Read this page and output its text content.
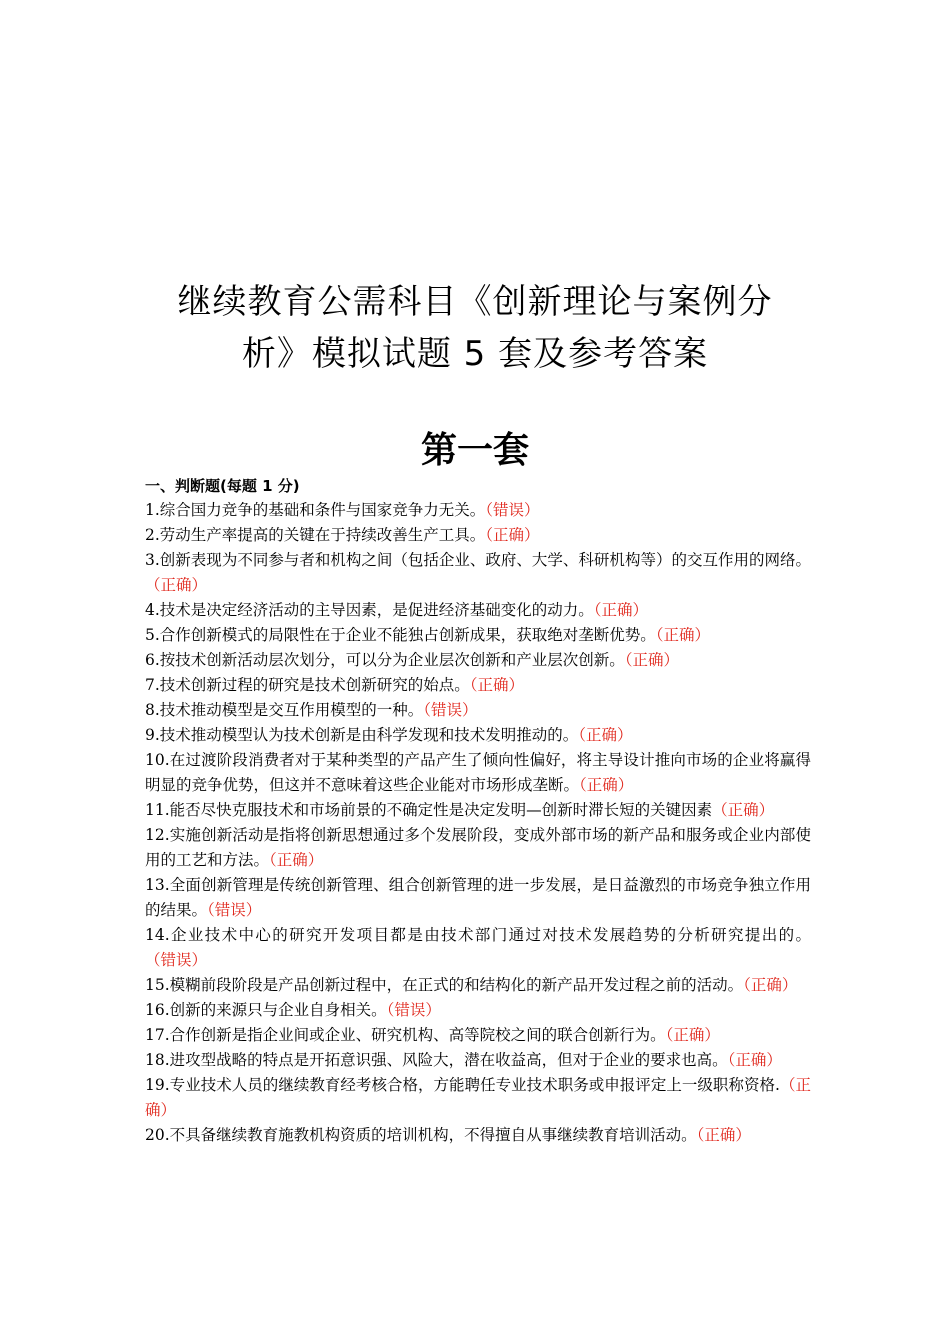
继续教育公需科目《创新理论与案例分
析》模拟试题 5 套及参考答案
第一套
一、判断题(每题 1 分)

1.综合国力竞争的基础和条件与国家竞争力无关。（错误）

2.劳动生产率提高的关键在于持续改善生产工具。（正确）

3.创新表现为不同参与者和机构之间（包括企业、政府、大学、科研机构等）的交互作用的网络。（正确）

4.技术是决定经济活动的主导因素，是促进经济基础变化的动力。（正确）

5.合作创新模式的局限性在于企业不能独占创新成果，获取绝对垄断优势。（正确）

6.按技术创新活动层次划分，可以分为企业层次创新和产业层次创新。（正确）

7.技术创新过程的研究是技术创新研究的始点。（正确）

8.技术推动模型是交互作用模型的一种。（错误）

9.技术推动模型认为技术创新是由科学发现和技术发明推动的。（正确）

10.在过渡阶段消费者对于某种类型的产品产生了倾向性偏好，将主导设计推向市场的企业将赢得明显的竞争优势，但这并不意味着这些企业能对市场形成垄断。（正确）

11.能否尽快克服技术和市场前景的不确定性是决定发明—创新时滞长短的关键因素（正确）

12.实施创新活动是指将创新思想通过多个发展阶段，变成外部市场的新产品和服务或企业内部使用的工艺和方法。（正确）

13.全面创新管理是传统创新管理、组合创新管理的进一步发展，是日益激烈的市场竞争独立作用的结果。（错误）

14.企业技术中心的研究开发项目都是由技术部门通过对技术发展趋势的分析研究提出的。（错误）

15.模糊前段阶段是产品创新过程中，在正式的和结构化的新产品开发过程之前的活动。（正确）

16.创新的来源只与企业自身相关。（错误）

17.合作创新是指企业间或企业、研究机构、高等院校之间的联合创新行为。（正确）

18.进攻型战略的特点是开拓意识强、风险大，潜在收益高，但对于企业的要求也高。（正确）

19.专业技术人员的继续教育经考核合格，方能聘任专业技术职务或申报评定上一级职称资格.（正确）

20.不具备继续教育施教机构资质的培训机构，不得擅自从事继续教育培训活动。（正确）
